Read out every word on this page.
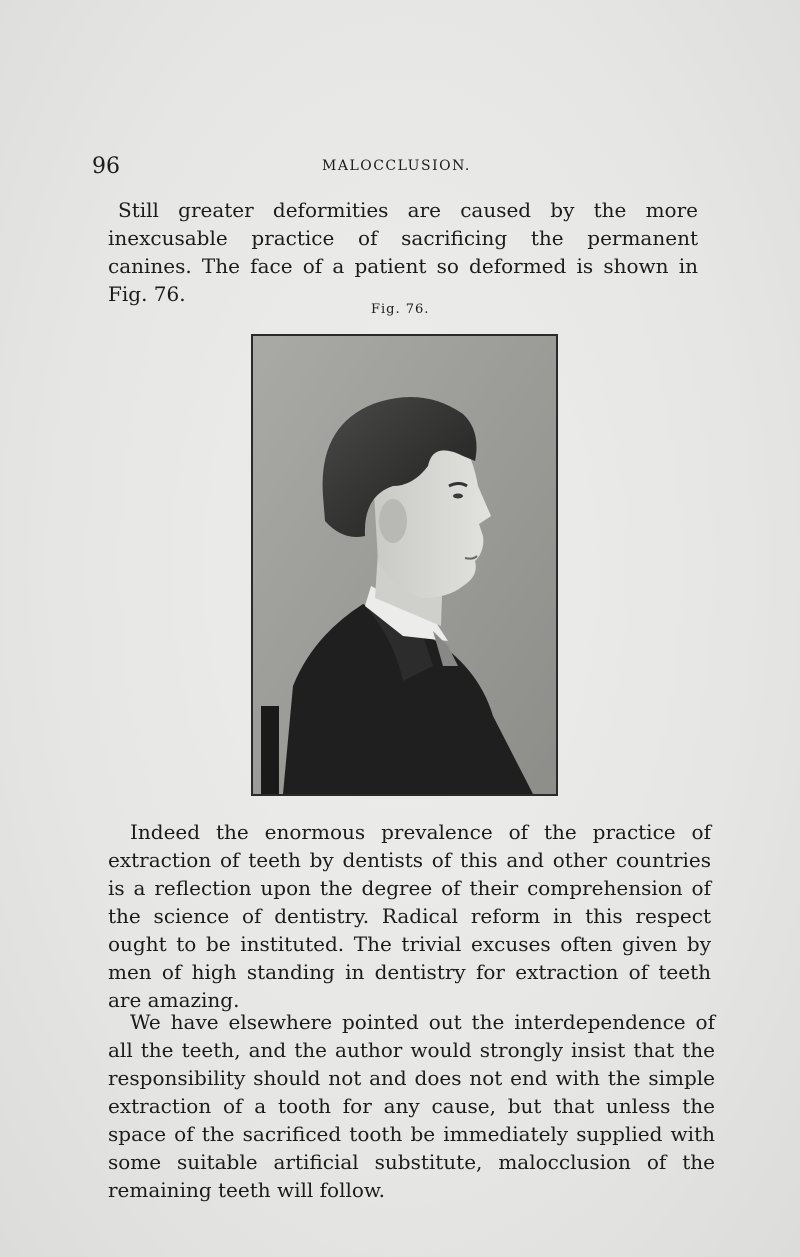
96	MALOCCLUSION.

Still greater deformities are caused by the more inexcusable practice of sacrificing the permanent canines. The face of a patient so deformed is shown in Fig. 76.

Fig. 76.

Indeed the enormous prevalence of the practice of extraction of teeth by dentists of this and other countries is a reflection upon the degree of their comprehension of the science of dentistry. Radical reform in this respect ought to be instituted. The trivial excuses often given by men of high standing in dentistry for extraction of teeth are amazing.

We have elsewhere pointed out the interdependence of all the teeth, and the author would strongly insist that the responsibility should not and does not end with the simple extraction of a tooth for any cause, but that unless the space of the sacrificed tooth be immediately supplied with some suitable artificial substitute, malocclusion of the remaining teeth will follow.
